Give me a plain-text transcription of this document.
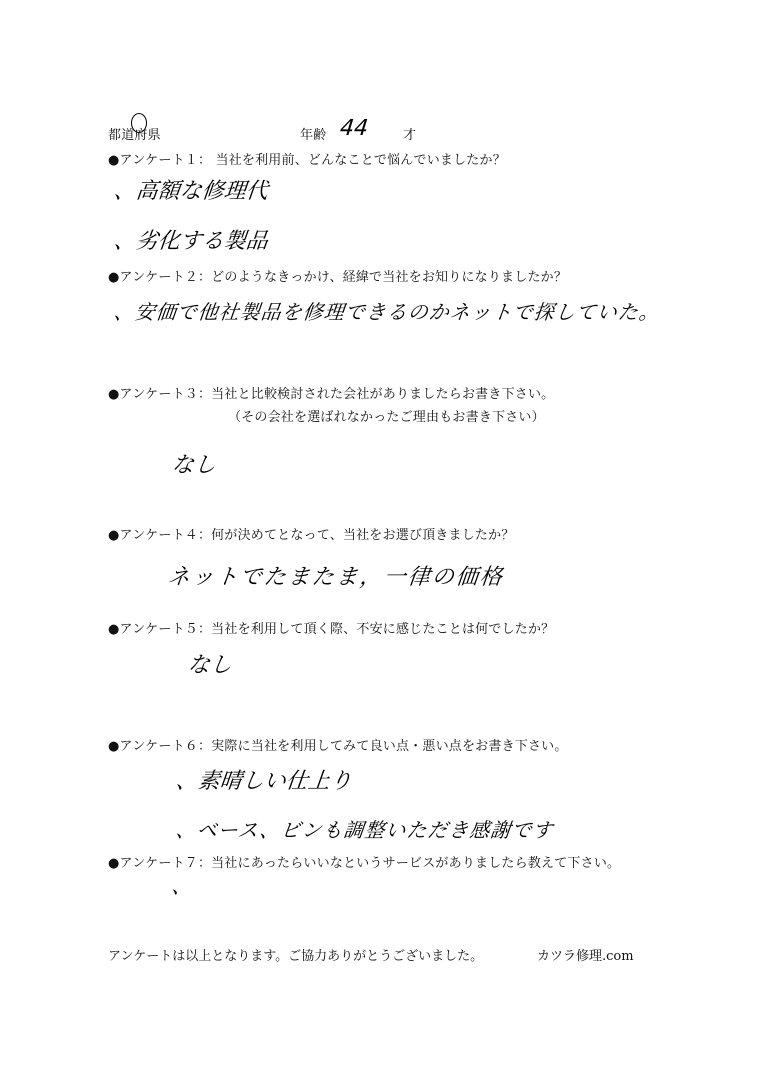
都道府県	年齢 44	才
●アンケート１： 当社を利用前、どんなことで悩んでいましたか？
、高額な修理代
、劣化する製品
●アンケート２：どのようなきっかけ、経緯で当社をお知りになりましたか？
、安価で他社製品を修理できるのかネットで探していた。
●アンケート３：当社と比較検討された会社がありましたらお書き下さい。
（その会社を選ばれなかったご理由もお書き下さい）
なし
●アンケート４：何が決めてとなって、当社をお選び頂きましたか？
ネットでたまたま，一律の価格
●アンケート５：当社を利用して頂く際、不安に感じたことは何でしたか？
なし
●アンケート６：実際に当社を利用してみて良い点・悪い点をお書き下さい。
、素晴しい仕上り
、ベース、ビンも調整いただき感謝です
●アンケート７：当社にあったらいいなというサービスがありましたら教えて下さい。
、
アンケートは以上となります。ご協力ありがとうございました。	カツラ修理.com
